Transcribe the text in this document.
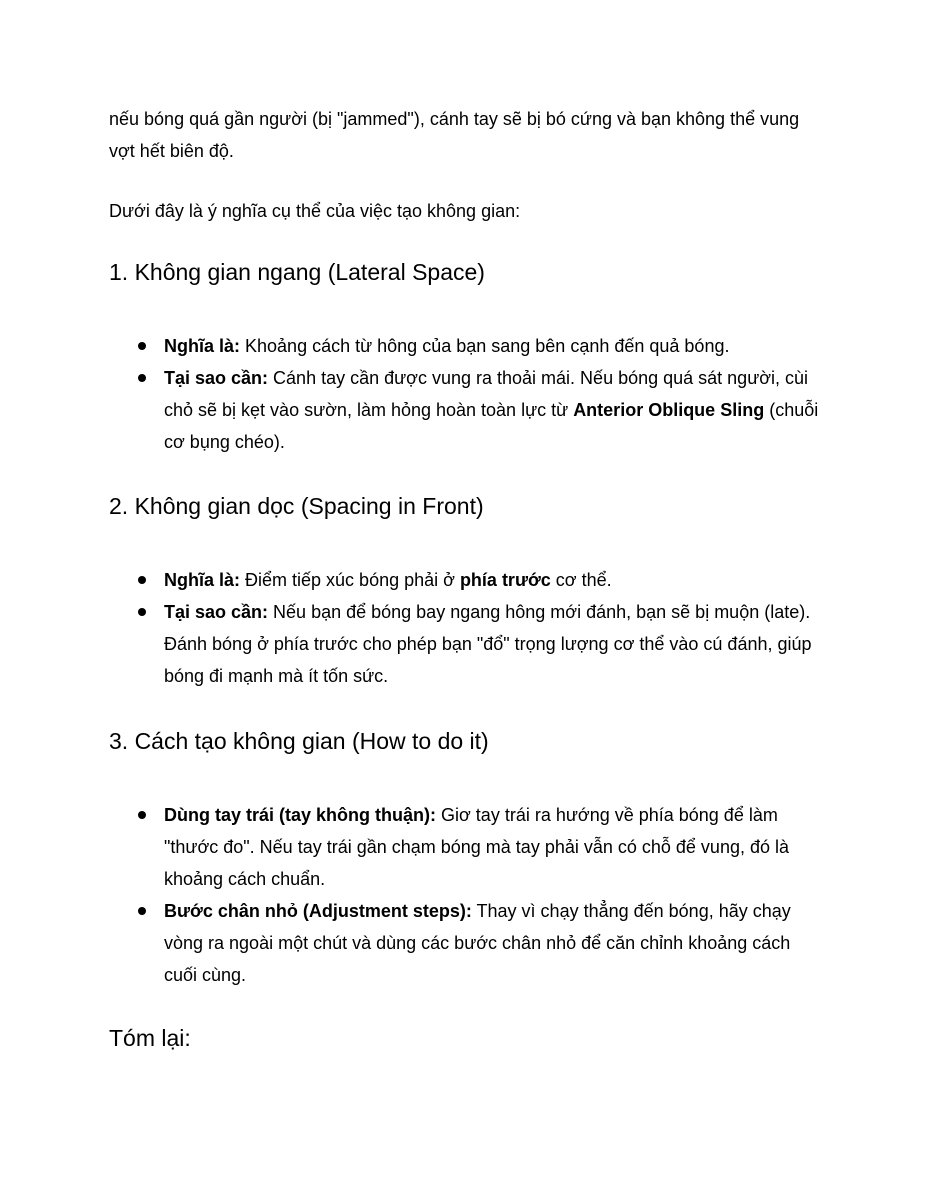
nếu bóng quá gần người (bị "jammed"), cánh tay sẽ bị bó cứng và bạn không thể vung vợt hết biên độ.

Dưới đây là ý nghĩa cụ thể của việc tạo không gian:

1. Không gian ngang (Lateral Space)
Nghĩa là: Khoảng cách từ hông của bạn sang bên cạnh đến quả bóng.
Tại sao cần: Cánh tay cần được vung ra thoải mái. Nếu bóng quá sát người, cùi chỏ sẽ bị kẹt vào sườn, làm hỏng hoàn toàn lực từ Anterior Oblique Sling (chuỗi cơ bụng chéo).
2. Không gian dọc (Spacing in Front)
Nghĩa là: Điểm tiếp xúc bóng phải ở phía trước cơ thể.
Tại sao cần: Nếu bạn để bóng bay ngang hông mới đánh, bạn sẽ bị muộn (late). Đánh bóng ở phía trước cho phép bạn "đổ" trọng lượng cơ thể vào cú đánh, giúp bóng đi mạnh mà ít tốn sức.
3. Cách tạo không gian (How to do it)
Dùng tay trái (tay không thuận): Giơ tay trái ra hướng về phía bóng để làm "thước đo". Nếu tay trái gần chạm bóng mà tay phải vẫn có chỗ để vung, đó là khoảng cách chuẩn.
Bước chân nhỏ (Adjustment steps): Thay vì chạy thẳng đến bóng, hãy chạy vòng ra ngoài một chút và dùng các bước chân nhỏ để căn chỉnh khoảng cách cuối cùng.
Tóm lại:
